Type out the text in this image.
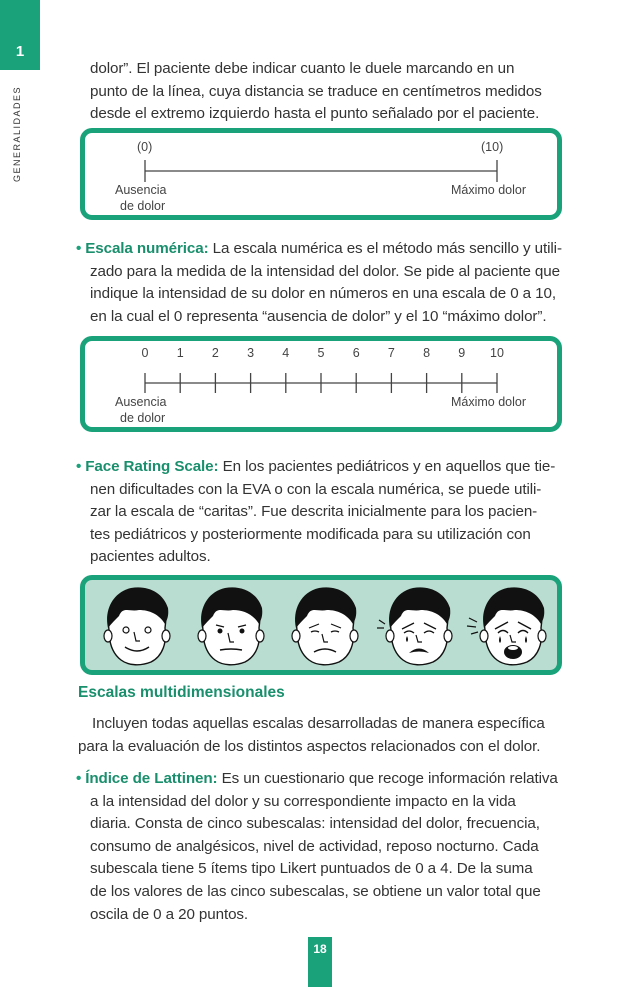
1
GENERALIDADES
dolor”. El paciente debe indicar cuanto le duele marcando en un
punto de la línea, cuya distancia se traduce en centímetros medidos
desde el extremo izquierdo hasta el punto señalado por el paciente.
(0)	(10)
Ausencia
de dolor
Máximo dolor
• Escala numérica: La escala numérica es el método más sencillo y utili-
zado para la medida de la intensidad del dolor. Se pide al paciente que
indique la intensidad de su dolor en números en una escala de 0 a 10,
en la cual el 0 representa “ausencia de dolor” y el 10 “máximo dolor”.
0 1 2 3 4 5 6 7 8 9 10
Ausencia
de dolor
Máximo dolor
• Face Rating Scale: En los pacientes pediátricos y en aquellos que tie-
nen dificultades con la EVA o con la escala numérica, se puede utili-
zar la escala de “caritas”. Fue descrita inicialmente para los pacien-
tes pediátricos y posteriormente modificada para su utilización con
pacientes adultos.
Escalas multidimensionales
Incluyen todas aquellas escalas desarrolladas de manera específica
para la evaluación de los distintos aspectos relacionados con el dolor.
• Índice de Lattinen: Es un cuestionario que recoge información relativa
a la intensidad del dolor y su correspondiente impacto en la vida
diaria. Consta de cinco subescalas: intensidad del dolor, frecuencia,
consumo de analgésicos, nivel de actividad, reposo nocturno. Cada
subescala tiene 5 ítems tipo Likert puntuados de 0 a 4. De la suma
de los valores de las cinco subescalas, se obtiene un valor total que
oscila de 0 a 20 puntos.
18
